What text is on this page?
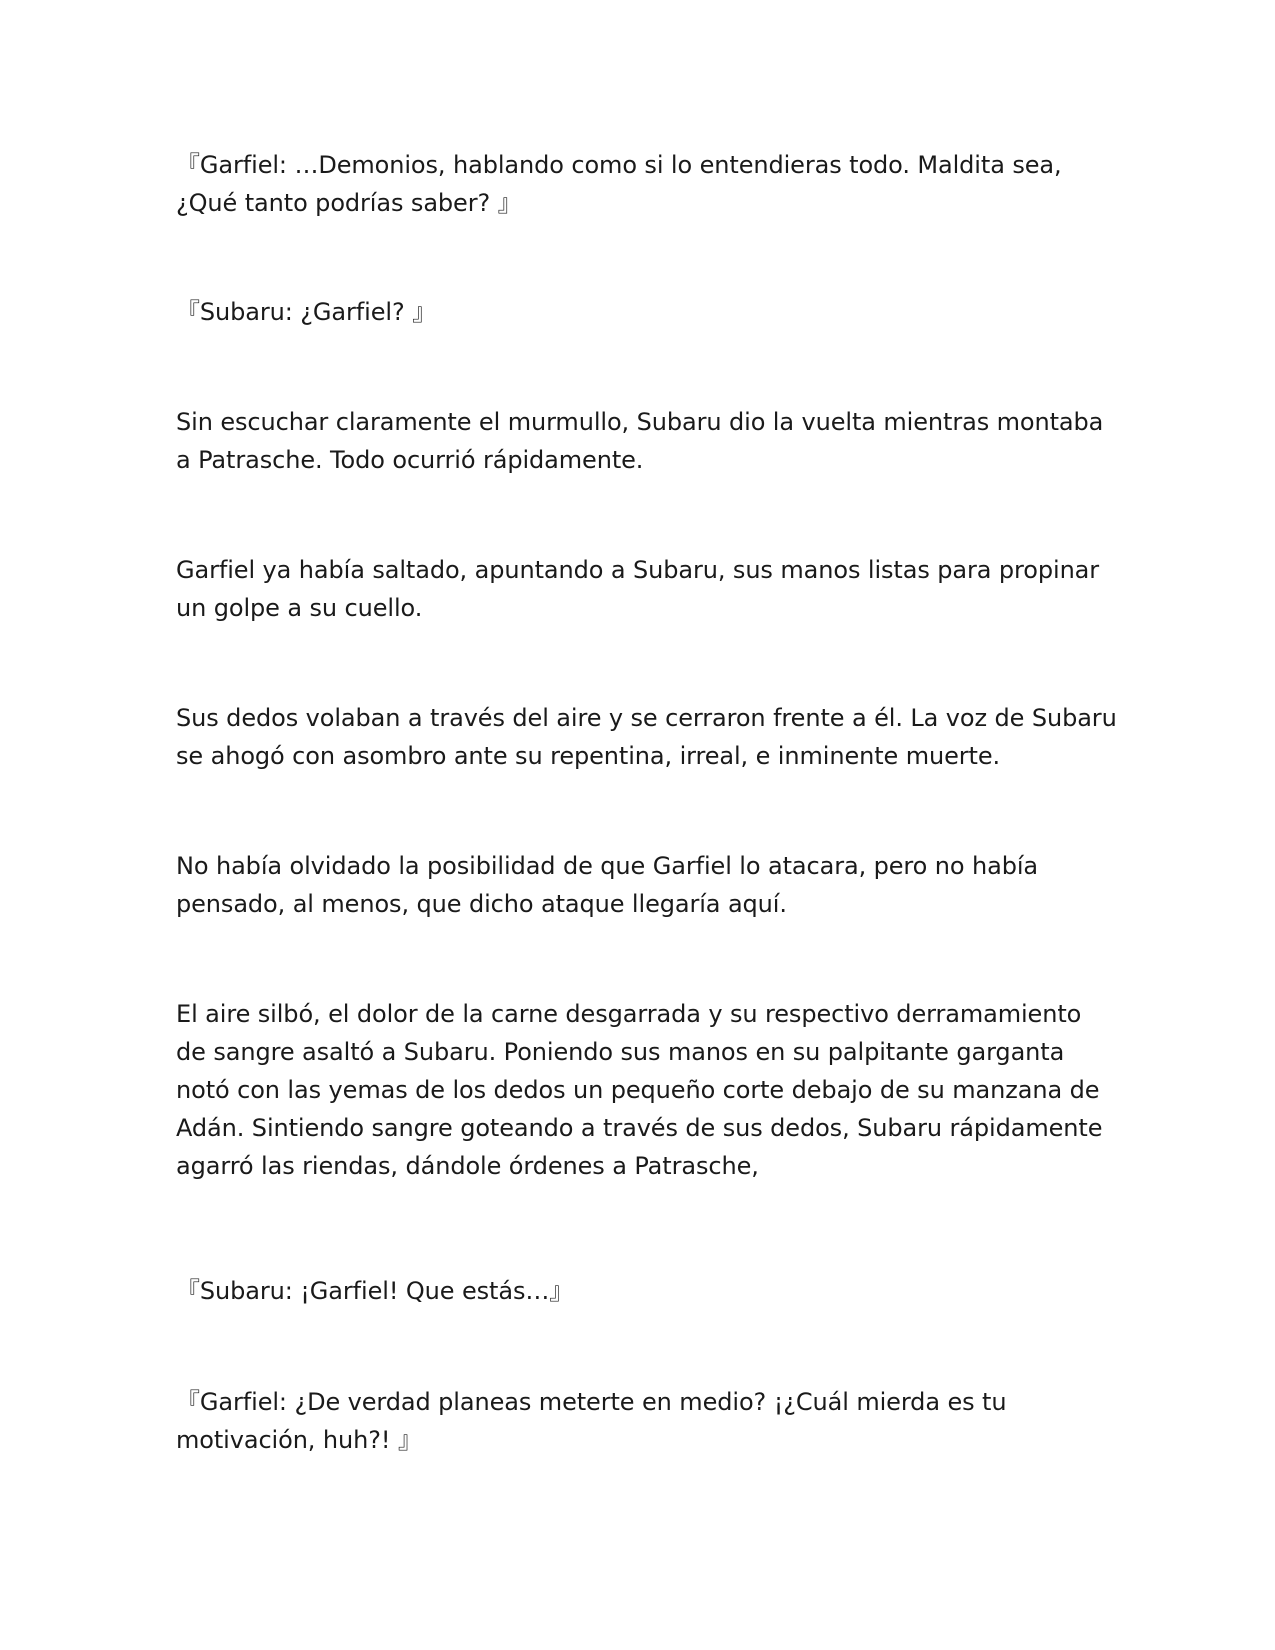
『Garfiel: …Demonios, hablando como si lo entendieras todo. Maldita sea,
¿Qué tanto podrías saber? 』

『Subaru: ¿Garfiel? 』

Sin escuchar claramente el murmullo, Subaru dio la vuelta mientras montaba
a Patrasche. Todo ocurrió rápidamente.

Garfiel ya había saltado, apuntando a Subaru, sus manos listas para propinar
un golpe a su cuello.

Sus dedos volaban a través del aire y se cerraron frente a él. La voz de Subaru
se ahogó con asombro ante su repentina, irreal, e inminente muerte.

No había olvidado la posibilidad de que Garfiel lo atacara, pero no había
pensado, al menos, que dicho ataque llegaría aquí.

El aire silbó, el dolor de la carne desgarrada y su respectivo derramamiento
de sangre asaltó a Subaru. Poniendo sus manos en su palpitante garganta
notó con las yemas de los dedos un pequeño corte debajo de su manzana de
Adán. Sintiendo sangre goteando a través de sus dedos, Subaru rápidamente
agarró las riendas, dándole órdenes a Patrasche,

『Subaru: ¡Garfiel! Que estás…』

『Garfiel: ¿De verdad planeas meterte en medio? ¡¿Cuál mierda es tu
motivación, huh?! 』
